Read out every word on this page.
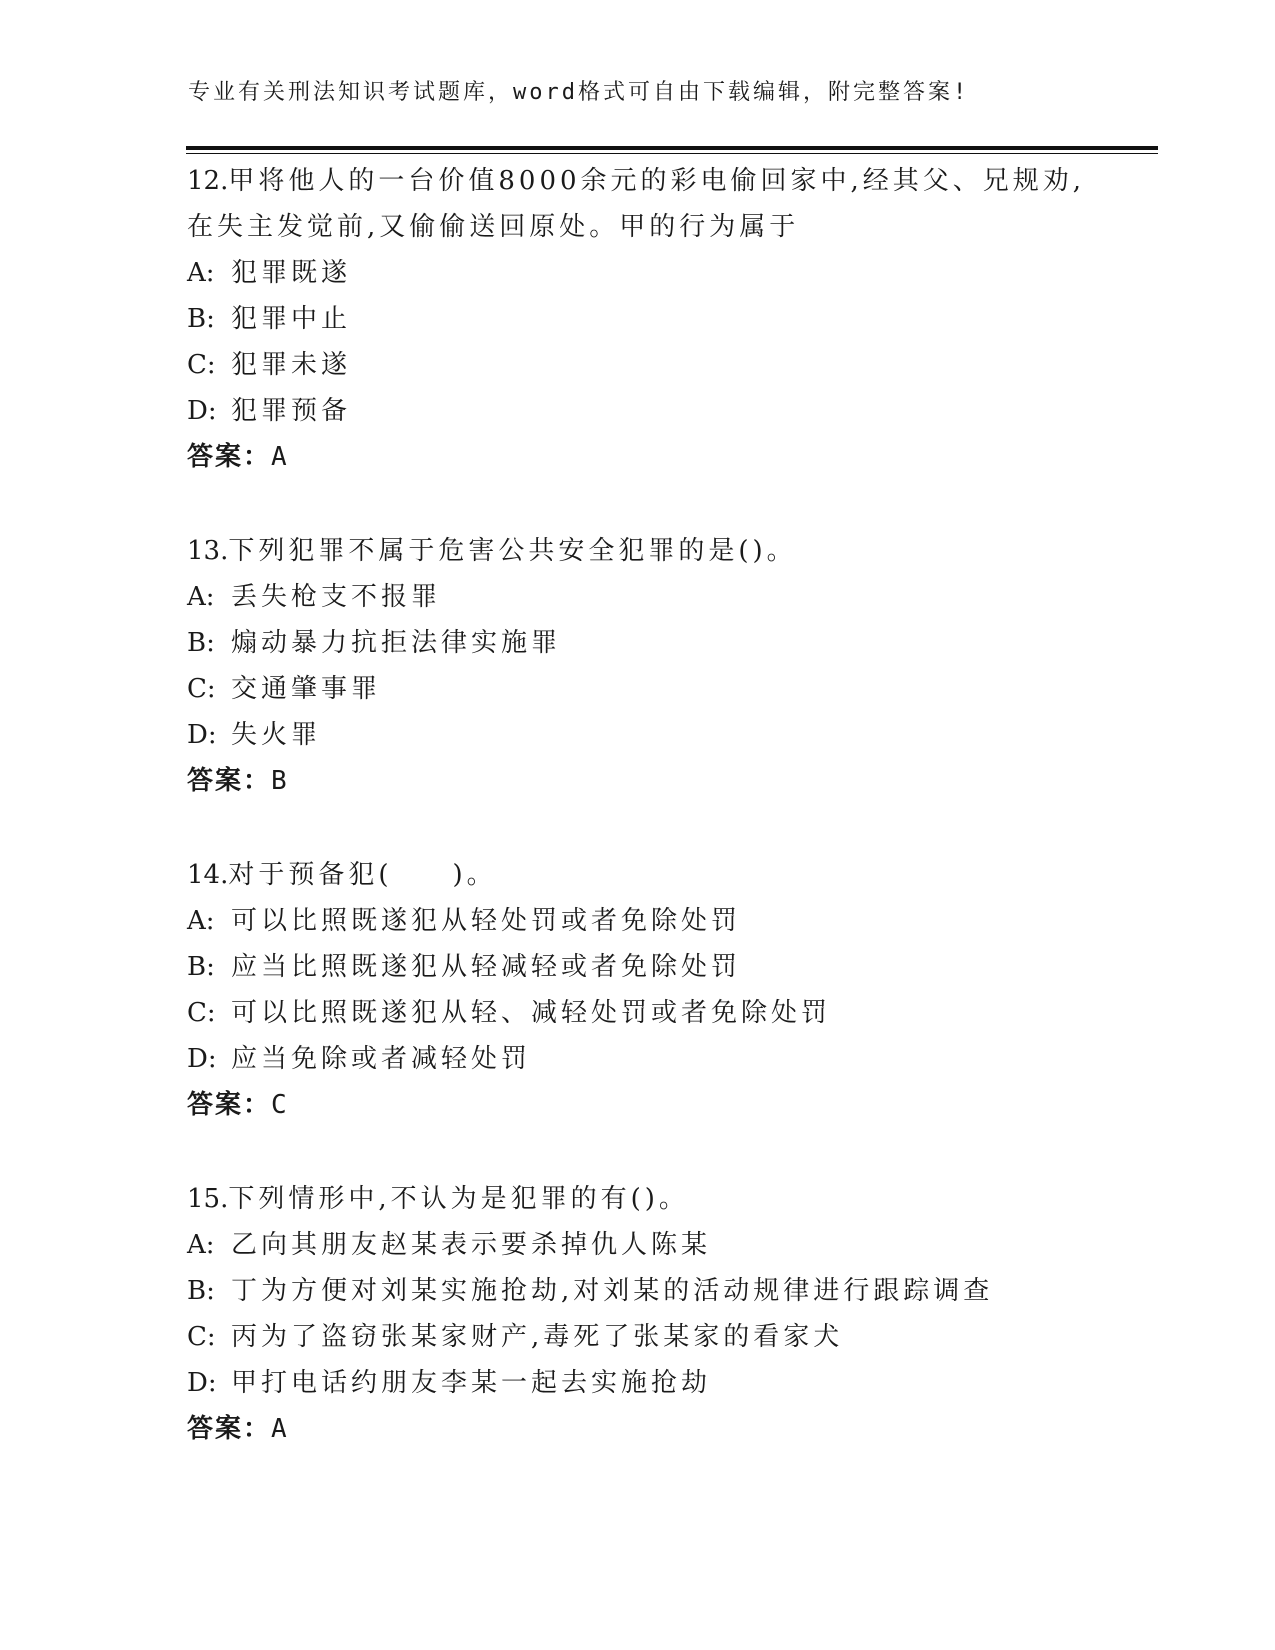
专业有关刑法知识考试题库，word格式可自由下载编辑，附完整答案!
12.甲将他人的一台价值8000余元的彩电偷回家中,经其父、兄规劝,
在失主发觉前,又偷偷送回原处。甲的行为属于
A: 犯罪既遂
B: 犯罪中止
C: 犯罪未遂
D: 犯罪预备
答案：A
13.下列犯罪不属于危害公共安全犯罪的是()。
A: 丢失枪支不报罪
B: 煽动暴力抗拒法律实施罪
C: 交通肇事罪
D: 失火罪
答案：B
14.对于预备犯(　　)。
A: 可以比照既遂犯从轻处罚或者免除处罚
B: 应当比照既遂犯从轻减轻或者免除处罚
C: 可以比照既遂犯从轻、减轻处罚或者免除处罚
D: 应当免除或者减轻处罚
答案：C
15.下列情形中,不认为是犯罪的有()。
A: 乙向其朋友赵某表示要杀掉仇人陈某
B: 丁为方便对刘某实施抢劫,对刘某的活动规律进行跟踪调查
C: 丙为了盗窃张某家财产,毒死了张某家的看家犬
D: 甲打电话约朋友李某一起去实施抢劫
答案：A
